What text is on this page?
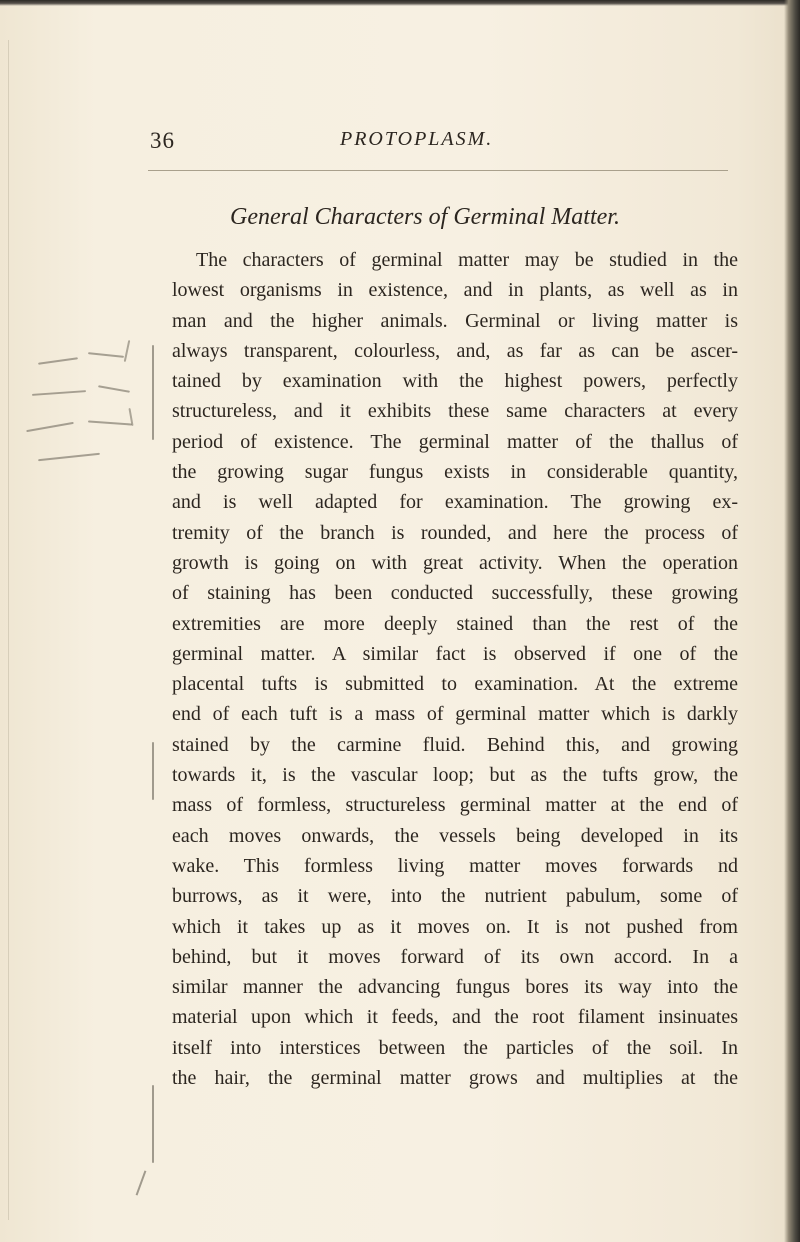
36	PROTOPLASM.
General Characters of Germinal Matter.
The characters of germinal matter may be studied in the
lowest organisms in existence, and in plants, as well as in
man and the higher animals. Germinal or living matter is
always transparent, colourless, and, as far as can be ascer-
tained by examination with the highest powers, perfectly
structureless, and it exhibits these same characters at every
period of existence. The germinal matter of the thallus of
the growing sugar fungus exists in considerable quantity,
and is well adapted for examination. The growing ex-
tremity of the branch is rounded, and here the process of
growth is going on with great activity. When the operation
of staining has been conducted successfully, these growing
extremities are more deeply stained than the rest of the
germinal matter. A similar fact is observed if one of the
placental tufts is submitted to examination. At the extreme
end of each tuft is a mass of germinal matter which is darkly
stained by the carmine fluid. Behind this, and growing
towards it, is the vascular loop; but as the tufts grow, the
mass of formless, structureless germinal matter at the end of
each moves onwards, the vessels being developed in its
wake. This formless living matter moves forwards nd
burrows, as it were, into the nutrient pabulum, some of
which it takes up as it moves on. It is not pushed from
behind, but it moves forward of its own accord. In a
similar manner the advancing fungus bores its way into the
material upon which it feeds, and the root filament insinuates
itself into interstices between the particles of the soil. In
the hair, the germinal matter grows and multiplies at the
